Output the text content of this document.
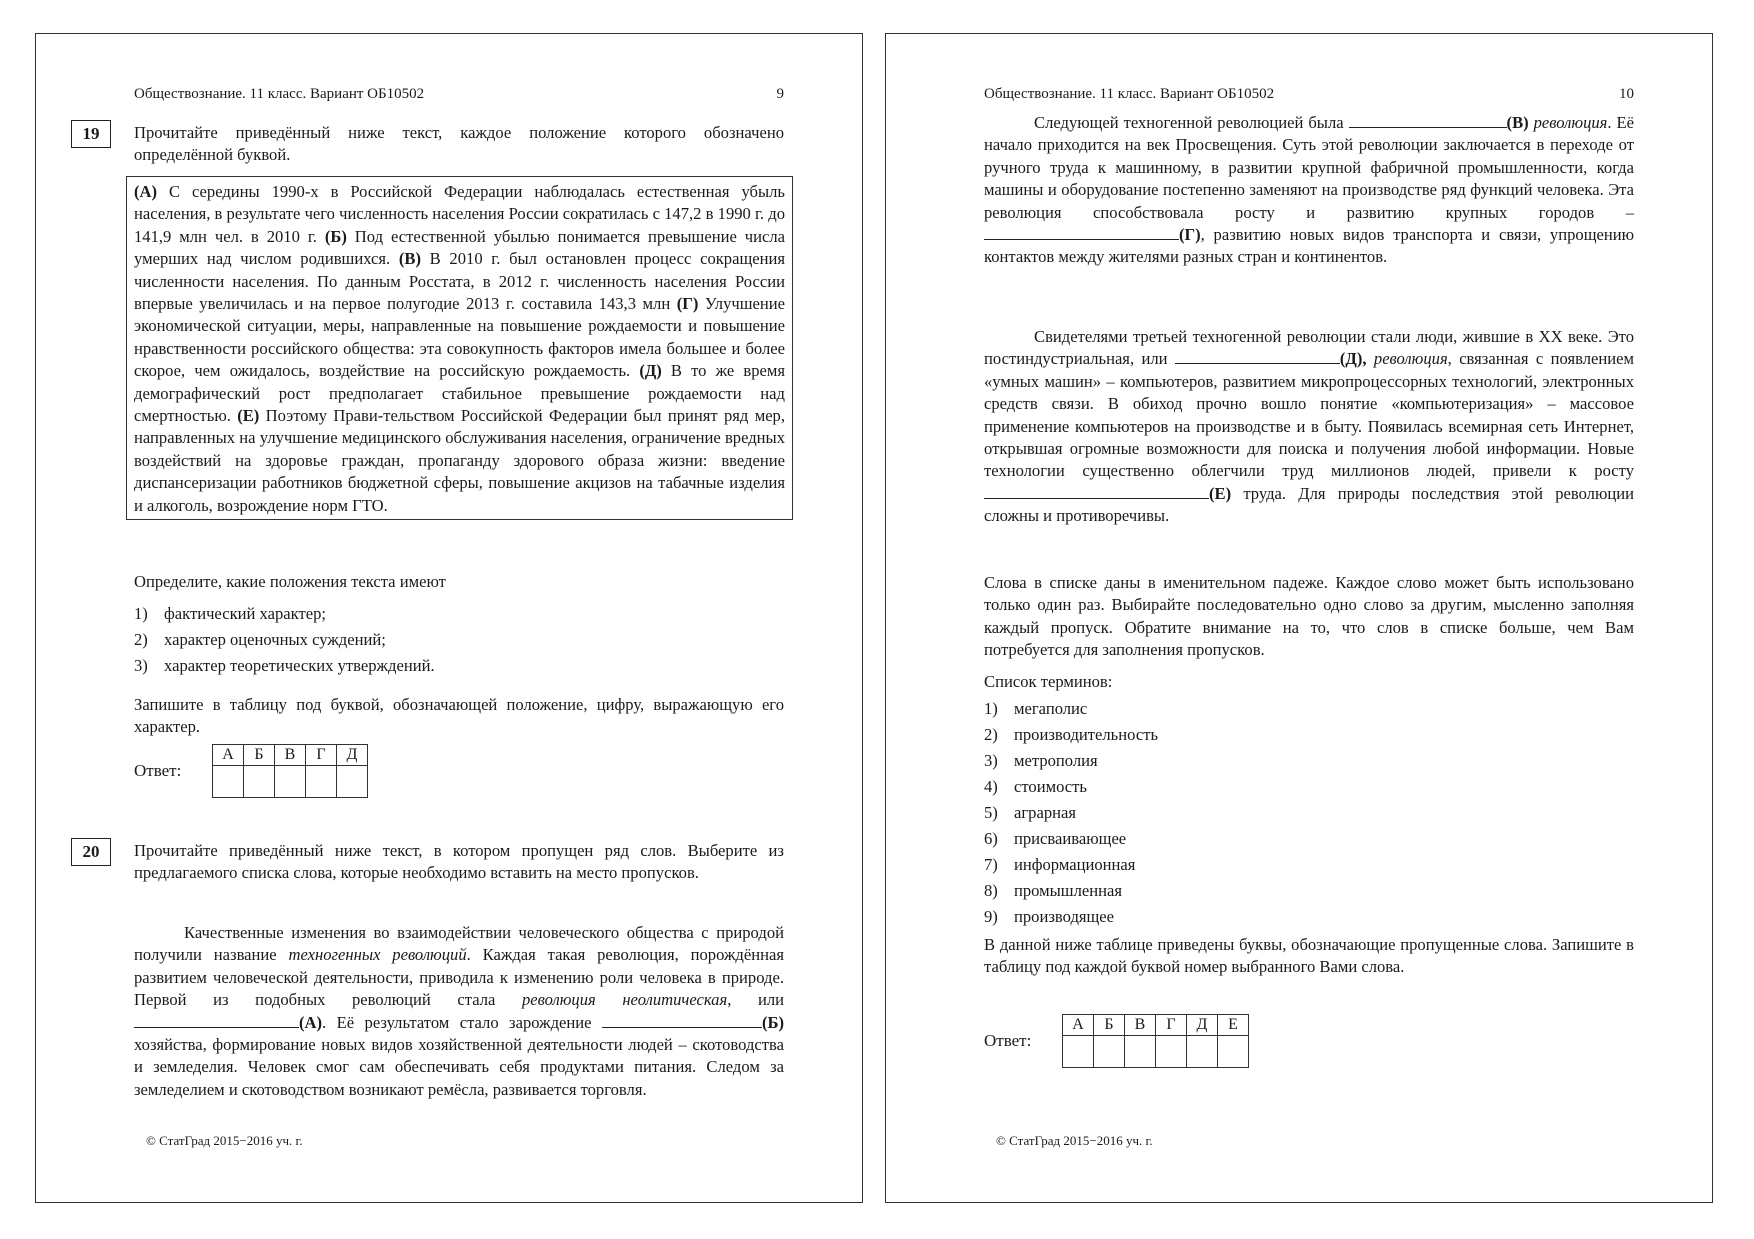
Обществознание. 11 класс. Вариант ОБ10502	9
19	Прочитайте приведённый ниже текст, каждое положение которого обозначено определённой буквой.

(А) С середины 1990-х в Российской Федерации наблюдалась естественная убыль населения, в результате чего численность населения России сократилась с 147,2 в 1990 г. до 141,9 млн чел. в 2010 г. (Б) Под естественной убылью понимается превышение числа умерших над числом родившихся. (В) В 2010 г. был остановлен процесс сокращения численности населения. По данным Росстата, в 2012 г. численность населения России впервые увеличилась и на первое полугодие 2013 г. составила 143,3 млн (Г) Улучшение экономической ситуации, меры, направленные на повышение рождаемости и повышение нравственности российского общества: эта совокупность факторов имела большее и более скорое, чем ожидалось, воздействие на российскую рождаемость. (Д) В то же время демографический рост предполагает стабильное превышение рождаемости над смертностью. (Е) Поэтому Прави-тельством Российской Федерации был принят ряд мер, направленных на улучшение медицинского обслуживания населения, ограничение вредных воздействий на здоровье граждан, пропаганду здорового образа жизни: введение диспансеризации работников бюджетной сферы, повышение акцизов на табачные изделия и алкоголь, возрождение норм ГТО.

Определите, какие положения текста имеют

1) фактический характер;
2) характер оценочных суждений;
3) характер теоретических утверждений.

Запишите в таблицу под буквой, обозначающей положение, цифру, выражающую его характер.

Ответ:
А	Б	В	Г	Д

20	Прочитайте приведённый ниже текст, в котором пропущен ряд слов. Выберите из предлагаемого списка слова, которые необходимо вставить на место пропусков.

Качественные изменения во взаимодействии человеческого общества с природой получили название техногенных революций. Каждая такая революция, порождённая развитием человеческой деятельности, приводила к изменению роли человека в природе. Первой из подобных революций стала революция неолитическая, или (А). Её результатом стало зарождение	(Б) хозяйства, формирование новых видов хозяйственной деятельности людей – скотоводства и земледелия. Человек смог сам обеспечивать себя продуктами питания. Следом за земледелием и скотоводством возникают ремёсла, развивается торговля.

© СтатГрад 2015−2016 уч. г.
Обществознание. 11 класс. Вариант ОБ10502	10

Следующей техногенной революцией была	(В) революция. Её начало приходится на век Просвещения. Суть этой революции заключается в переходе от ручного труда к машинному, в развитии крупной фабричной промышленности, когда машины и оборудование постепенно заменяют на производстве ряд функций человека. Эта революция способствовала росту и развитию крупных городов – (Г), развитию новых видов транспорта и связи, упрощению контактов между жителями разных стран и континентов.

Свидетелями третьей техногенной революции стали люди, жившие в XX веке. Это постиндустриальная, или	(Д), революция, связанная с появлением «умных машин» – компьютеров, развитием микропроцессорных технологий, электронных средств связи. В обиход прочно вошло понятие «компьютеризация» – массовое применение компьютеров на производстве и в быту. Появилась всемирная сеть Интернет, открывшая огромные возможности для поиска и получения любой информации. Новые технологии существенно облегчили труд миллионов людей, привели к росту (Е) труда. Для природы последствия этой революции сложны и противоречивы.

Слова в списке даны в именительном падеже. Каждое слово может быть использовано только один раз. Выбирайте последовательно одно слово за другим, мысленно заполняя каждый пропуск. Обратите внимание на то, что слов в списке больше, чем Вам потребуется для заполнения пропусков.

Список терминов:

1) мегаполис
2) производительность
3) метрополия
4) стоимость
5) аграрная
6) присваивающее
7) информационная
8) промышленная
9) производящее

В данной ниже таблице приведены буквы, обозначающие пропущенные слова. Запишите в таблицу под каждой буквой номер выбранного Вами слова.

Ответ:
А	Б	В	Г	Д	Е

© СтатГрад 2015−2016 уч. г.
